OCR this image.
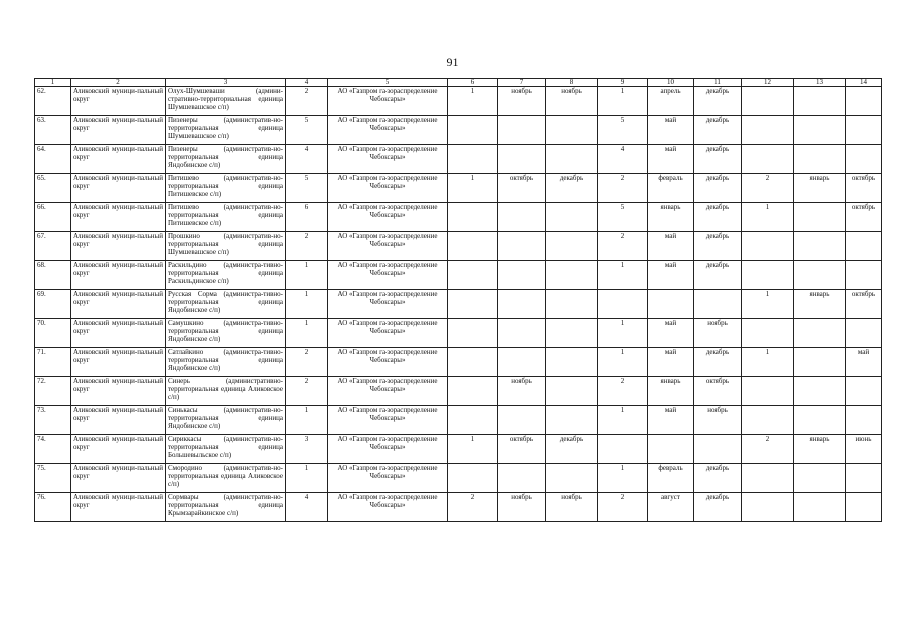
91
1	2	3	4	5	6	7	8	9	10	11	12	13	14
62.	Аликовский муници-пальный округ	Олух-Шумшеваши (админи-стративно-территориальная единица Шумшевашское с/п)	2	АО «Газпром га-зораспределение Чебоксары»	1	ноябрь	ноябрь	1	апрель	декабрь			
63.	Аликовский муници-пальный округ	Пизенеры (административ-но-территориальная единица Шумшевашское с/п)	5	АО «Газпром га-зораспределение Чебоксары»				5	май	декабрь			
64.	Аликовский муници-пальный округ	Пизенеры (административ-но-территориальная единица Яндобинское с/п)	4	АО «Газпром га-зораспределение Чебоксары»				4	май	декабрь			
65.	Аликовский муници-пальный округ	Питишево (административ-но-территориальная единица Питишевское с/п)	5	АО «Газпром га-зораспределение Чебоксары»	1	октябрь	декабрь	2	февраль	декабрь	2	январь	октябрь
66.	Аликовский муници-пальный округ	Питишево (административ-но-территориальная единица Питишевское с/п)	6	АО «Газпром га-зораспределение Чебоксары»				5	январь	декабрь	1		октябрь
67.	Аликовский муници-пальный округ	Прошкино (административ-но-территориальная единица Шумшевашское с/п)	2	АО «Газпром га-зораспределение Чебоксары»				2	май	декабрь			
68.	Аликовский муници-пальный округ	Раскильдино (администра-тивно-территориальная единица Раскильдинское с/п)	1	АО «Газпром га-зораспределение Чебоксары»				1	май	декабрь			
69.	Аликовский муници-пальный округ	Русская Сорма (администра-тивно-территориальная единица Яндобинское с/п)	1	АО «Газпром га-зораспределение Чебоксары»							1	январь	октябрь
70.	Аликовский муници-пальный округ	Самушкино (администра-тивно-территориальная единица Яндобинское с/п)	1	АО «Газпром га-зораспределение Чебоксары»				1	май	ноябрь			
71.	Аликовский муници-пальный округ	Сатлайкино (администра-тивно-территориальная единица Яндобинское с/п)	2	АО «Газпром га-зораспределение Чебоксары»				1	май	декабрь	1		май
72.	Аликовский муници-пальный округ	Синерь (административно-территориальная единица Аликовское с/п)	2	АО «Газпром га-зораспределение Чебоксары»		ноябрь		2	январь	октябрь			
73.	Аликовский муници-пальный округ	Синькасы (административ-но-территориальная единица Яндобинское с/п)	1	АО «Газпром га-зораспределение Чебоксары»				1	май	ноябрь			
74.	Аликовский муници-пальный округ	Сириккасы (административ-но-территориальная единица Большевыльское с/п)	3	АО «Газпром га-зораспределение Чебоксары»	1	октябрь	декабрь				2	январь	июнь
75.	Аликовский муници-пальный округ	Смородино (административ-но-территориальная единица Аликовское с/п)	1	АО «Газпром га-зораспределение Чебоксары»				1	февраль	декабрь			
76.	Аликовский муници-пальный округ	Сормвары (административ-но-территориальная единица Крымзарайкинское с/п)	4	АО «Газпром га-зораспределение Чебоксары»	2	ноябрь	ноябрь	2	август	декабрь			
